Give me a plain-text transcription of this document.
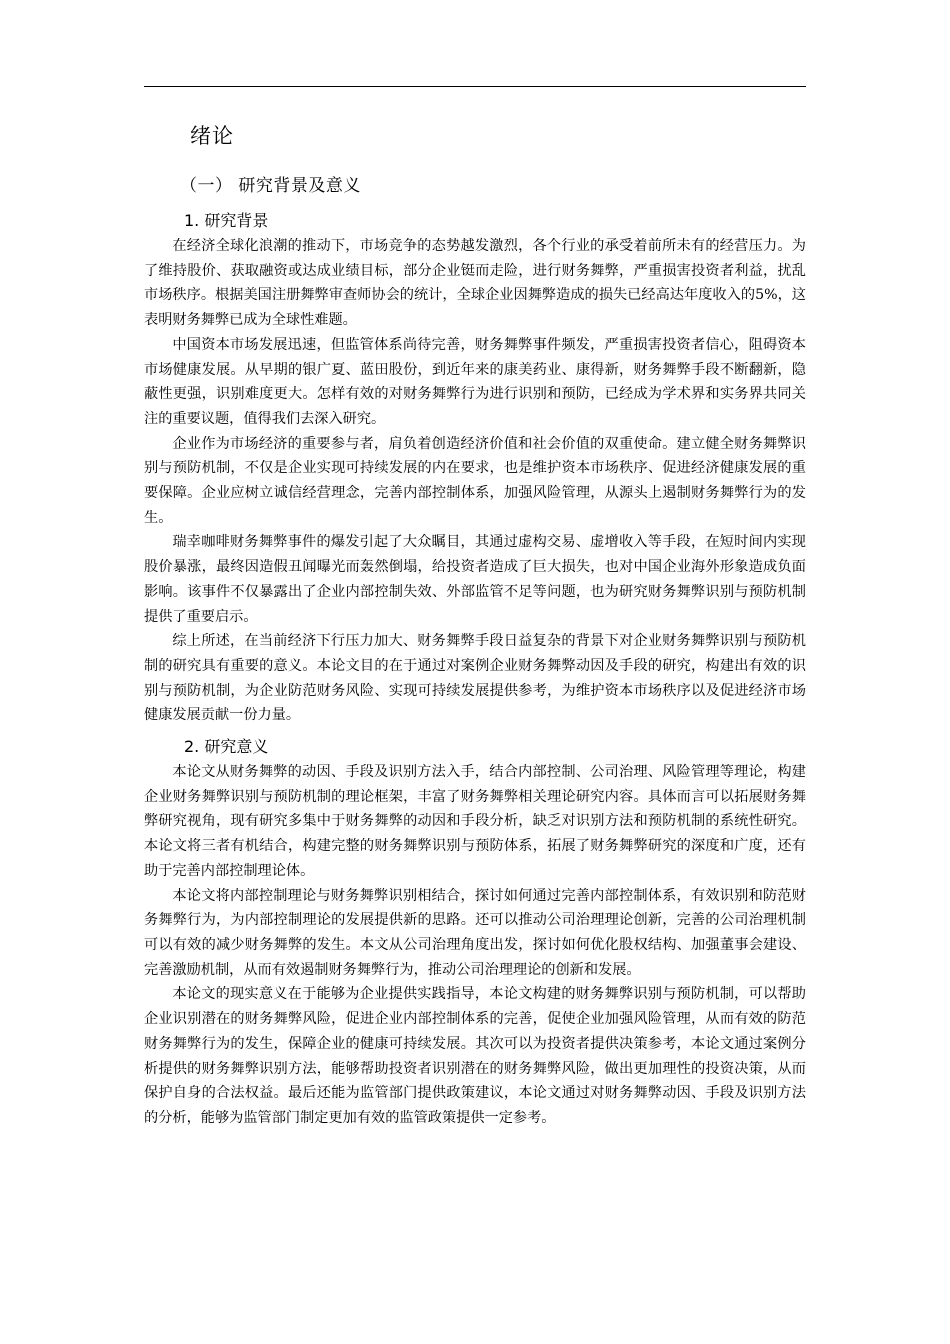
绪论
（一） 研究背景及意义
1. 研究背景

在经济全球化浪潮的推动下，市场竞争的态势越发激烈，各个行业的承受着前所未有的经营压力。为了维持股价、获取融资或达成业绩目标，部分企业铤而走险，进行财务舞弊，严重损害投资者利益，扰乱市场秩序。根据美国注册舞弊审查师协会的统计，全球企业因舞弊造成的损失已经高达年度收入的5%，这表明财务舞弊已成为全球性难题。

中国资本市场发展迅速，但监管体系尚待完善，财务舞弊事件频发，严重损害投资者信心，阻碍资本市场健康发展。从早期的银广夏、蓝田股份，到近年来的康美药业、康得新，财务舞弊手段不断翻新，隐蔽性更强，识别难度更大。怎样有效的对财务舞弊行为进行识别和预防，已经成为学术界和实务界共同关注的重要议题，值得我们去深入研究。

企业作为市场经济的重要参与者，肩负着创造经济价值和社会价值的双重使命。建立健全财务舞弊识别与预防机制，不仅是企业实现可持续发展的内在要求，也是维护资本市场秩序、促进经济健康发展的重要保障。企业应树立诚信经营理念，完善内部控制体系，加强风险管理，从源头上遏制财务舞弊行为的发生。

瑞幸咖啡财务舞弊事件的爆发引起了大众瞩目，其通过虚构交易、虚增收入等手段，在短时间内实现股价暴涨，最终因造假丑闻曝光而轰然倒塌，给投资者造成了巨大损失，也对中国企业海外形象造成负面影响。该事件不仅暴露出了企业内部控制失效、外部监管不足等问题，也为研究财务舞弊识别与预防机制提供了重要启示。

综上所述，在当前经济下行压力加大、财务舞弊手段日益复杂的背景下对企业财务舞弊识别与预防机制的研究具有重要的意义。本论文目的在于通过对案例企业财务舞弊动因及手段的研究，构建出有效的识别与预防机制，为企业防范财务风险、实现可持续发展提供参考，为维护资本市场秩序以及促进经济市场健康发展贡献一份力量。

2. 研究意义

本论文从财务舞弊的动因、手段及识别方法入手，结合内部控制、公司治理、风险管理等理论，构建企业财务舞弊识别与预防机制的理论框架，丰富了财务舞弊相关理论研究内容。具体而言可以拓展财务舞弊研究视角，现有研究多集中于财务舞弊的动因和手段分析，缺乏对识别方法和预防机制的系统性研究。本论文将三者有机结合，构建完整的财务舞弊识别与预防体系，拓展了财务舞弊研究的深度和广度，还有助于完善内部控制理论体。

本论文将内部控制理论与财务舞弊识别相结合，探讨如何通过完善内部控制体系，有效识别和防范财务舞弊行为，为内部控制理论的发展提供新的思路。还可以推动公司治理理论创新，完善的公司治理机制可以有效的减少财务舞弊的发生。本文从公司治理角度出发，探讨如何优化股权结构、加强董事会建设、完善激励机制，从而有效遏制财务舞弊行为，推动公司治理理论的创新和发展。

本论文的现实意义在于能够为企业提供实践指导，本论文构建的财务舞弊识别与预防机制，可以帮助企业识别潜在的财务舞弊风险，促进企业内部控制体系的完善，促使企业加强风险管理，从而有效的防范财务舞弊行为的发生，保障企业的健康可持续发展。其次可以为投资者提供决策参考，本论文通过案例分析提供的财务舞弊识别方法，能够帮助投资者识别潜在的财务舞弊风险，做出更加理性的投资决策，从而保护自身的合法权益。最后还能为监管部门提供政策建议，本论文通过对财务舞弊动因、手段及识别方法的分析，能够为监管部门制定更加有效的监管政策提供一定参考。
